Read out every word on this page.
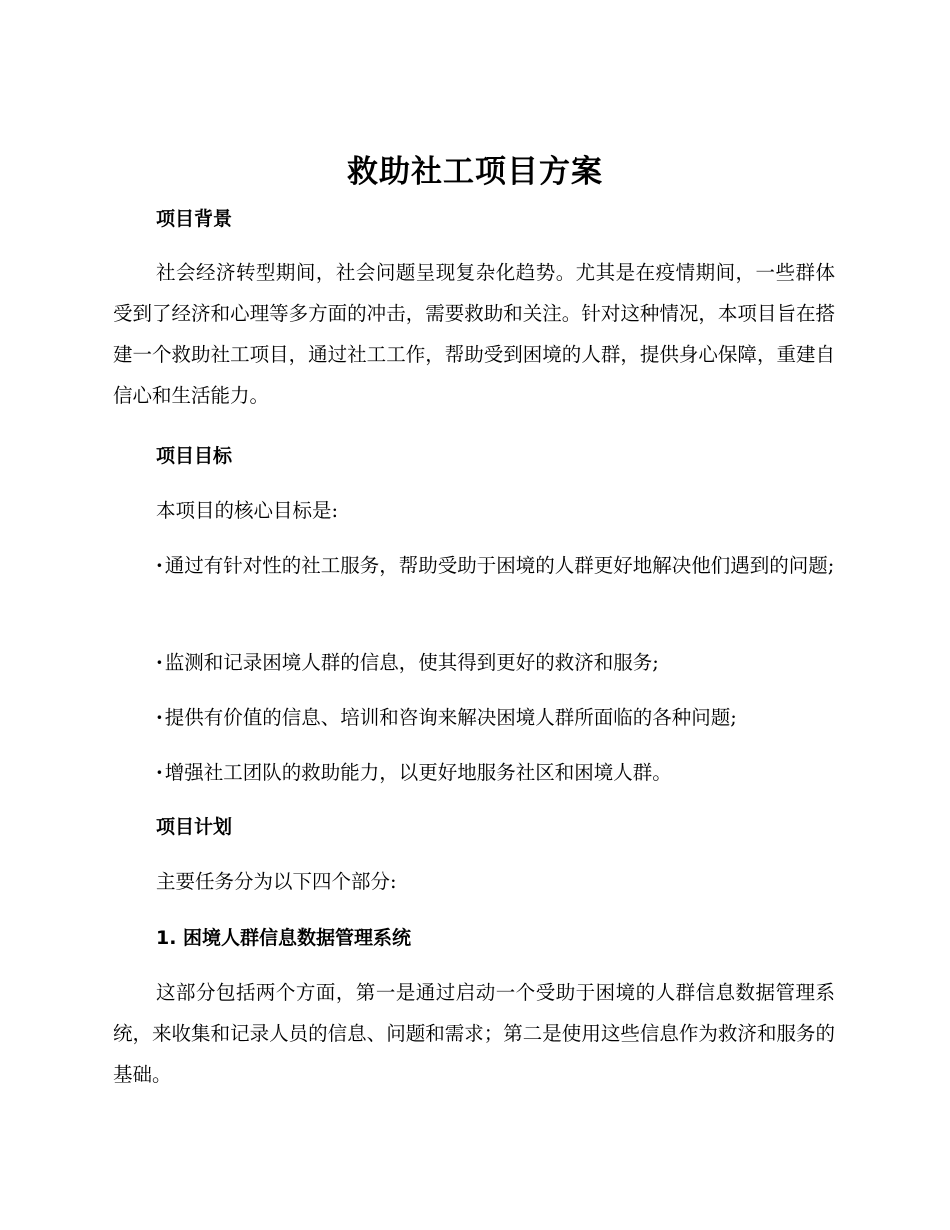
救助社工项目方案
项目背景

社会经济转型期间，社会问题呈现复杂化趋势。尤其是在疫情期间，一些群体受到了经济和心理等多方面的冲击，需要救助和关注。针对这种情况，本项目旨在搭建一个救助社工项目，通过社工工作，帮助受到困境的人群，提供身心保障，重建自信心和生活能力。

项目目标

本项目的核心目标是:

· 通过有针对性的社工服务，帮助受助于困境的人群更好地解决他们遇到的问题;

· 监测和记录困境人群的信息，使其得到更好的救济和服务;

· 提供有价值的信息、培训和咨询来解决困境人群所面临的各种问题;

· 增强社工团队的救助能力，以更好地服务社区和困境人群。

项目计划

主要任务分为以下四个部分:

1. 困境人群信息数据管理系统

这部分包括两个方面，第一是通过启动一个受助于困境的人群信息数据管理系统，来收集和记录人员的信息、问题和需求；第二是使用这些信息作为救济和服务的基础。
